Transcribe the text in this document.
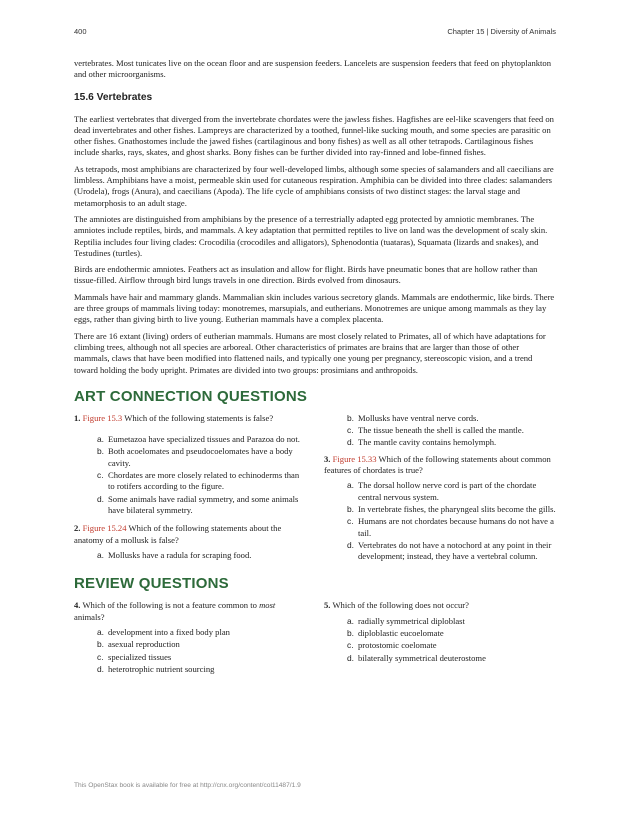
400	Chapter 15 | Diversity of Animals

vertebrates. Most tunicates live on the ocean floor and are suspension feeders. Lancelets are suspension feeders that feed on phytoplankton and other microorganisms.

15.6 Vertebrates

The earliest vertebrates that diverged from the invertebrate chordates were the jawless fishes. Hagfishes are eel-like scavengers that feed on dead invertebrates and other fishes. Lampreys are characterized by a toothed, funnel-like sucking mouth, and some species are parasitic on other fishes. Gnathostomes include the jawed fishes (cartilaginous and bony fishes) as well as all other tetrapods. Cartilaginous fishes include sharks, rays, skates, and ghost sharks. Bony fishes can be further divided into ray-finned and lobe-finned fishes.

As tetrapods, most amphibians are characterized by four well-developed limbs, although some species of salamanders and all caecilians are limbless. Amphibians have a moist, permeable skin used for cutaneous respiration. Amphibia can be divided into three clades: salamanders (Urodela), frogs (Anura), and caecilians (Apoda). The life cycle of amphibians consists of two distinct stages: the larval stage and metamorphosis to an adult stage.

The amniotes are distinguished from amphibians by the presence of a terrestrially adapted egg protected by amniotic membranes. The amniotes include reptiles, birds, and mammals. A key adaptation that permitted reptiles to live on land was the development of scaly skin. Reptilia includes four living clades: Crocodilia (crocodiles and alligators), Sphenodontia (tuataras), Squamata (lizards and snakes), and Testudines (turtles).

Birds are endothermic amniotes. Feathers act as insulation and allow for flight. Birds have pneumatic bones that are hollow rather than tissue-filled. Airflow through bird lungs travels in one direction. Birds evolved from dinosaurs.

Mammals have hair and mammary glands. Mammalian skin includes various secretory glands. Mammals are endothermic, like birds. There are three groups of mammals living today: monotremes, marsupials, and eutherians. Monotremes are unique among mammals as they lay eggs, rather than giving birth to live young. Eutherian mammals have a complex placenta.

There are 16 extant (living) orders of eutherian mammals. Humans are most closely related to Primates, all of which have adaptations for climbing trees, although not all species are arboreal. Other characteristics of primates are brains that are larger than those of other mammals, claws that have been modified into flattened nails, and typically one young per pregnancy, stereoscopic vision, and a trend toward holding the body upright. Primates are divided into two groups: prosimians and anthropoids.

ART CONNECTION QUESTIONS
1. Figure 15.3 Which of the following statements is false?
a. Eumetazoa have specialized tissues and Parazoa do not.
b. Both acoelomates and pseudocoelomates have a body cavity.
c. Chordates are more closely related to echinoderms than to rotifers according to the figure.
d. Some animals have radial symmetry, and some animals have bilateral symmetry.
2. Figure 15.24 Which of the following statements about the anatomy of a mollusk is false?
a. Mollusks have a radula for scraping food.
b. Mollusks have ventral nerve cords.
c. The tissue beneath the shell is called the mantle.
d. The mantle cavity contains hemolymph.
3. Figure 15.33 Which of the following statements about common features of chordates is true?
a. The dorsal hollow nerve cord is part of the chordate central nervous system.
b. In vertebrate fishes, the pharyngeal slits become the gills.
c. Humans are not chordates because humans do not have a tail.
d. Vertebrates do not have a notochord at any point in their development; instead, they have a vertebral column.
REVIEW QUESTIONS
4. Which of the following is not a feature common to most animals?
a. development into a fixed body plan
b. asexual reproduction
c. specialized tissues
d. heterotrophic nutrient sourcing
5. Which of the following does not occur?
a. radially symmetrical diploblast
b. diploblastic eucoelomate
c. protostomic coelomate
d. bilaterally symmetrical deuterostome
This OpenStax book is available for free at http://cnx.org/content/col11487/1.9
